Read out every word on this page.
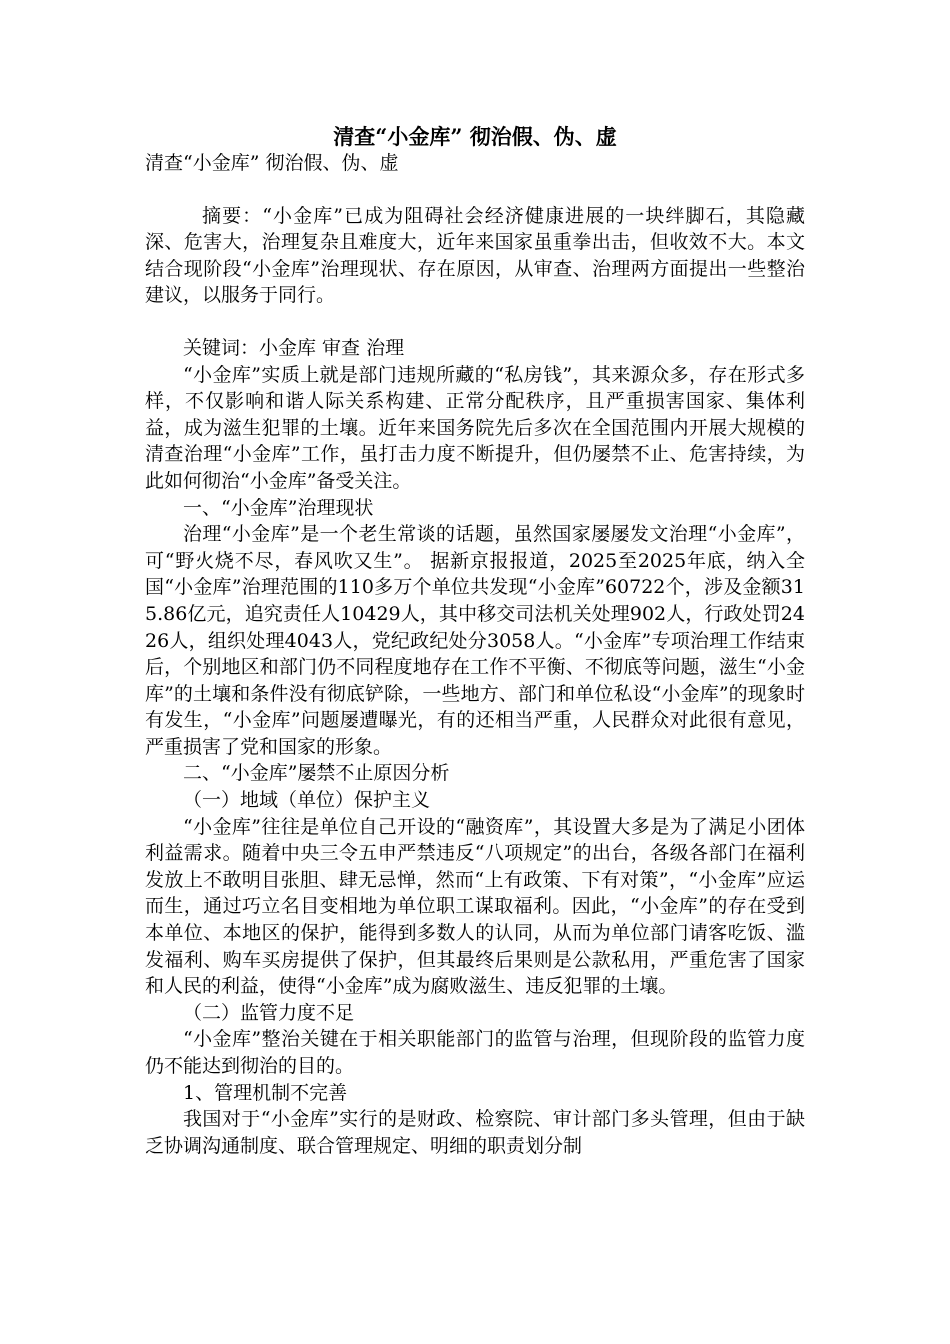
清查“小金库” 彻治假、伪、虚

清查“小金库” 彻治假、伪、虚

摘要：“小金库”已成为阻碍社会经济健康进展的一块绊脚石，其隐藏深、危害大，治理复杂且难度大，近年来国家虽重拳出击，但收效不大。本文结合现阶段“小金库”治理现状、存在原因，从审查、治理两方面提出一些整治建议，以服务于同行。

关键词：小金库 审查 治理

“小金库”实质上就是部门违规所藏的“私房钱”，其来源众多，存在形式多样，不仅影响和谐人际关系构建、正常分配秩序，且严重损害国家、集体利益，成为滋生犯罪的土壤。近年来国务院先后多次在全国范围内开展大规模的清查治理“小金库”工作，虽打击力度不断提升，但仍屡禁不止、危害持续，为此如何彻治“小金库”备受关注。

一、“小金库”治理现状

治理“小金库”是一个老生常谈的话题，虽然国家屡屡发文治理“小金库”，可“野火烧不尽，春风吹又生”。 据新京报报道，2025至2025年底，纳入全国“小金库”治理范围的110多万个单位共发现“小金库”60722个，涉及金额315.86亿元，追究责任人10429人，其中移交司法机关处理902人，行政处罚2426人，组织处理4043人，党纪政纪处分3058人。“小金库”专项治理工作结束后，个别地区和部门仍不同程度地存在工作不平衡、不彻底等问题，滋生“小金库”的土壤和条件没有彻底铲除，一些地方、部门和单位私设“小金库”的现象时有发生，“小金库”问题屡遭曝光，有的还相当严重，人民群众对此很有意见，严重损害了党和国家的形象。

二、“小金库”屡禁不止原因分析

（一）地域（单位）保护主义

“小金库”往往是单位自己开设的“融资库”，其设置大多是为了满足小团体利益需求。随着中央三令五申严禁违反“八项规定”的出台，各级各部门在福利发放上不敢明目张胆、肆无忌惮，然而“上有政策、下有对策”，“小金库”应运而生，通过巧立名目变相地为单位职工谋取福利。因此，“小金库”的存在受到本单位、本地区的保护，能得到多数人的认同，从而为单位部门请客吃饭、滥发福利、购车买房提供了保护，但其最终后果则是公款私用，严重危害了国家和人民的利益，使得“小金库”成为腐败滋生、违反犯罪的土壤。

（二）监管力度不足

“小金库”整治关键在于相关职能部门的监管与治理，但现阶段的监管力度仍不能达到彻治的目的。

1、管理机制不完善

我国对于“小金库”实行的是财政、检察院、审计部门多头管理，但由于缺乏协调沟通制度、联合管理规定、明细的职责划分制
